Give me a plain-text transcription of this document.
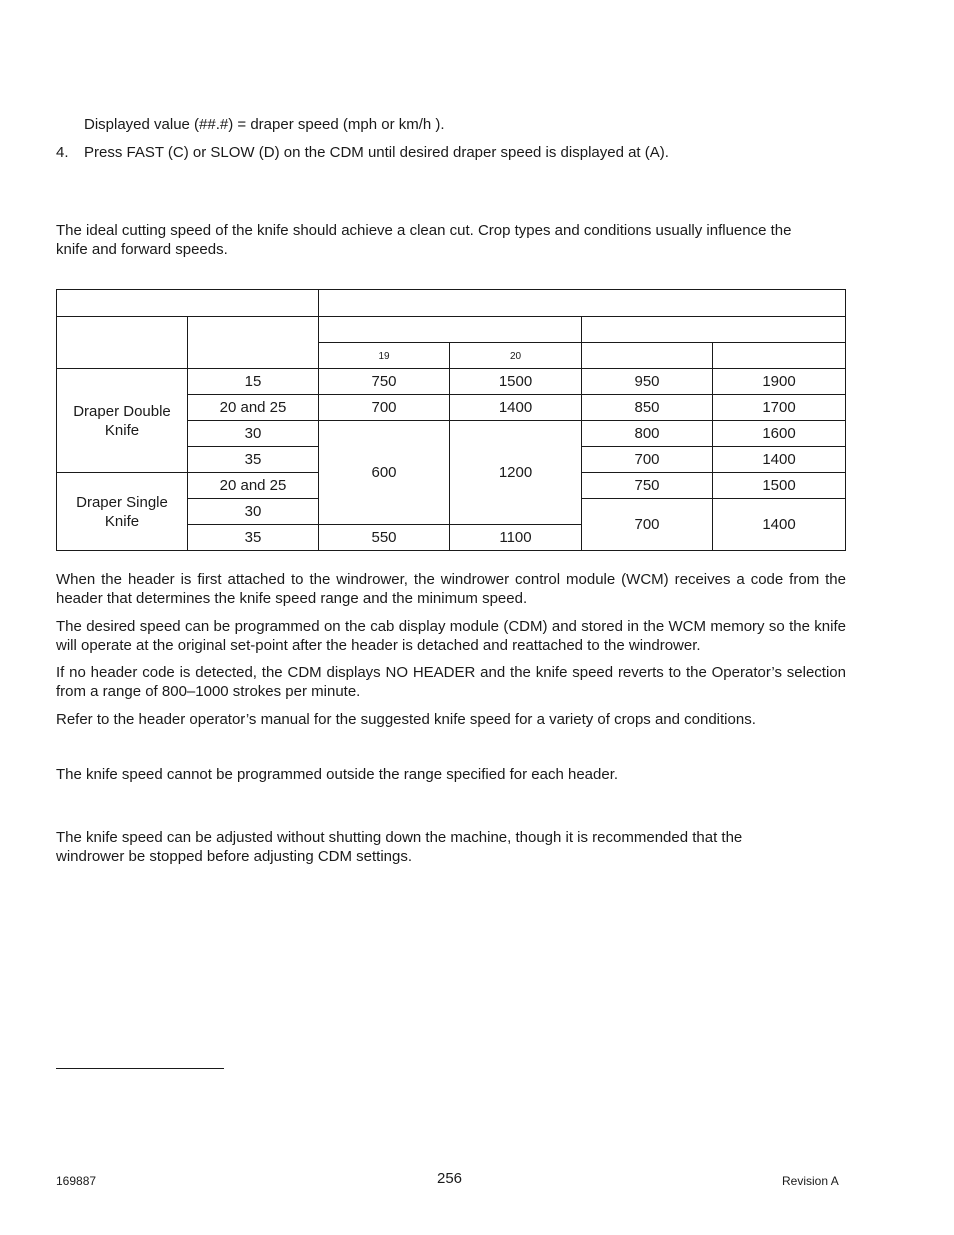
Displayed value (##.#) = draper speed (mph or km/h ).
4. Press FAST (C) or SLOW (D) on the CDM until desired draper speed is displayed at (A).
The ideal cutting speed of the knife should achieve a clean cut. Crop types and conditions usually influence the knife and forward speeds.

		19	20		
Draper Double Knife	15	750	1500	950	1900
	20 and 25	700	1400	850	1700
	30	600	1200	800	1600
	35			700	1400
Draper Single Knife	20 and 25			750	1500
	30			700	1400
	35	550	1100		
When the header is first attached to the windrower, the windrower control module (WCM) receives a code from the header that determines the knife speed range and the minimum speed.
The desired speed can be programmed on the cab display module (CDM) and stored in the WCM memory so the knife will operate at the original set-point after the header is detached and reattached to the windrower.
If no header code is detected, the CDM displays NO HEADER and the knife speed reverts to the Operator’s selection from a range of 800–1000 strokes per minute.
Refer to the header operator’s manual for the suggested knife speed for a variety of crops and conditions.
The knife speed cannot be programmed outside the range specified for each header.
The knife speed can be adjusted without shutting down the machine, though it is recommended that the windrower be stopped before adjusting CDM settings.
169887	256	Revision A
